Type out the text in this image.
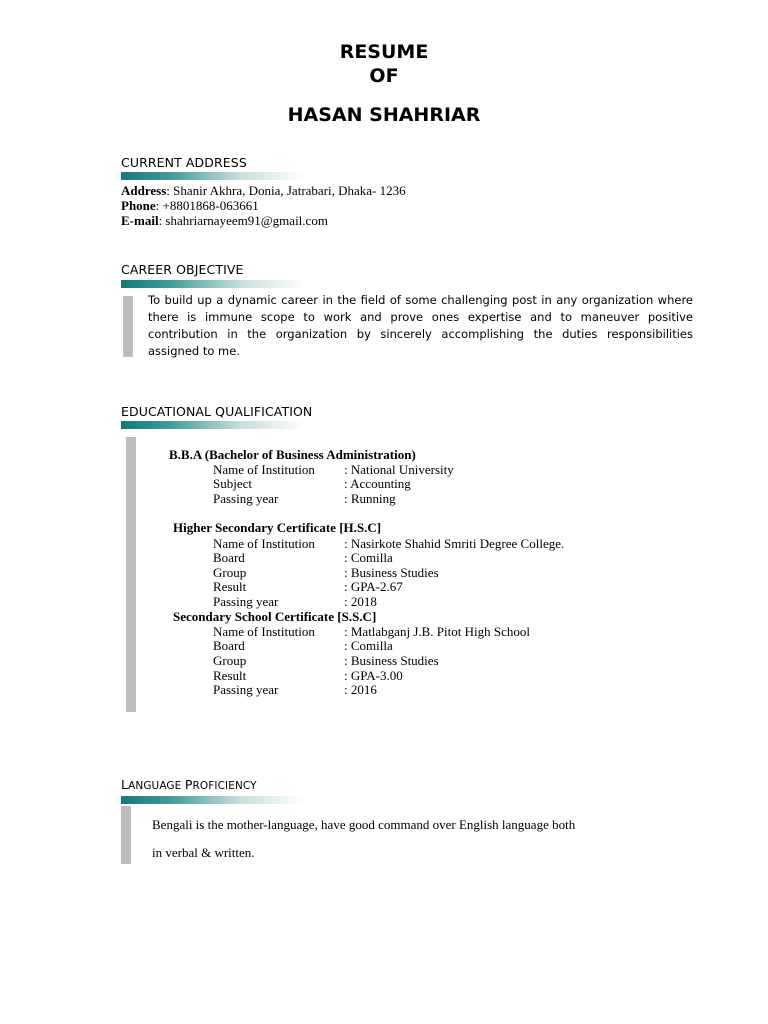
RESUME
OF
HASAN SHAHRIAR
CURRENT ADDRESS
Address: Shanir Akhra, Donia, Jatrabari, Dhaka- 1236
Phone: +8801868-063661
E-mail: shahriarnayeem91@gmail.com
CAREER OBJECTIVE
To build up a dynamic career in the field of some challenging post in any organization where there is immune scope to work and prove ones expertise and to maneuver positive contribution in the organization by sincerely accomplishing the duties responsibilities assigned to me.
EDUCATIONAL QUALIFICATION
B.B.A (Bachelor of Business Administration)
Name of Institution : National University
Subject	: Accounting
Passing year	: Running
Higher Secondary Certificate [H.S.C]
Name of Institution : Nasirkote Shahid Smriti Degree College.
Board	: Comilla
Group	: Business Studies
Result	: GPA-2.67
Passing year	: 2018
Secondary School Certificate [S.S.C]
Name of Institution : Matlabganj J.B. Pitot High School
Board	: Comilla
Group	: Business Studies
Result	: GPA-3.00
Passing year	: 2016
LANGUAGE PROFICIENCY
Bengali is the mother-language, have good command over English language both
in verbal & written.
